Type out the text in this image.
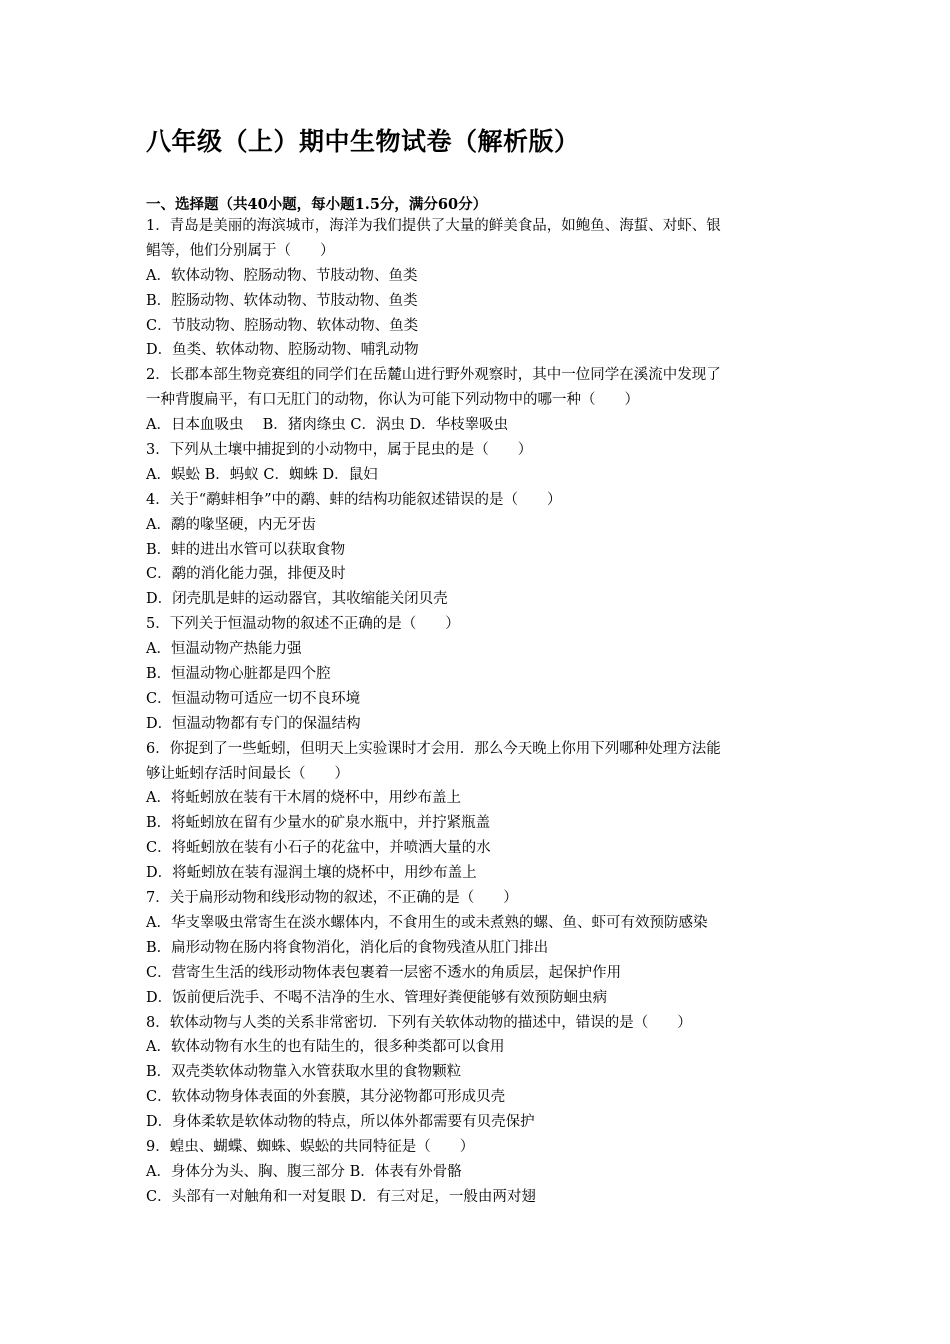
八年级（上）期中生物试卷（解析版）
一、选择题（共40小题，每小题1.5分，满分60分）
1．青岛是美丽的海滨城市，海洋为我们提供了大量的鲜美食品，如鲍鱼、海蜇、对虾、银
鲳等，他们分别属于（　　）
A．软体动物、腔肠动物、节肢动物、鱼类
B．腔肠动物、软体动物、节肢动物、鱼类
C．节肢动物、腔肠动物、软体动物、鱼类
D．鱼类、软体动物、腔肠动物、哺乳动物
2．长郡本部生物竞赛组的同学们在岳麓山进行野外观察时，其中一位同学在溪流中发现了
一种背腹扁平，有口无肛门的动物，你认为可能下列动物中的哪一种（　　）
A．日本血吸虫　 B．猪肉绦虫 C．涡虫 D．华枝睾吸虫
3．下列从土壤中捕捉到的小动物中，属于昆虫的是（　　）
A．蜈蚣 B．蚂蚁 C．蜘蛛 D．鼠妇
4．关于“鹬蚌相争”中的鹬、蚌的结构功能叙述错误的是（　　）
A．鹬的喙坚硬，内无牙齿
B．蚌的进出水管可以获取食物
C．鹬的消化能力强，排便及时
D．闭壳肌是蚌的运动器官，其收缩能关闭贝壳
5．下列关于恒温动物的叙述不正确的是（　　）
A．恒温动物产热能力强
B．恒温动物心脏都是四个腔
C．恒温动物可适应一切不良环境
D．恒温动物都有专门的保温结构
6．你捉到了一些蚯蚓，但明天上实验课时才会用．那么今天晚上你用下列哪种处理方法能
够让蚯蚓存活时间最长（　　）
A．将蚯蚓放在装有干木屑的烧杯中，用纱布盖上
B．将蚯蚓放在留有少量水的矿泉水瓶中，并拧紧瓶盖
C．将蚯蚓放在装有小石子的花盆中，并喷洒大量的水
D．将蚯蚓放在装有湿润土壤的烧杯中，用纱布盖上
7．关于扁形动物和线形动物的叙述，不正确的是（　　）
A．华支睾吸虫常寄生在淡水螺体内，不食用生的或未煮熟的螺、鱼、虾可有效预防感染
B．扁形动物在肠内将食物消化，消化后的食物残渣从肛门排出
C．营寄生生活的线形动物体表包裹着一层密不透水的角质层，起保护作用
D．饭前便后洗手、不喝不洁净的生水、管理好粪便能够有效预防蛔虫病
8．软体动物与人类的关系非常密切．下列有关软体动物的描述中，错误的是（　　）
A．软体动物有水生的也有陆生的，很多种类都可以食用
B．双壳类软体动物靠入水管获取水里的食物颗粒
C．软体动物身体表面的外套膜，其分泌物都可形成贝壳
D．身体柔软是软体动物的特点，所以体外都需要有贝壳保护
9．蝗虫、蝴蝶、蜘蛛、蜈蚣的共同特征是（　　）
A．身体分为头、胸、腹三部分 B．体表有外骨骼
C．头部有一对触角和一对复眼 D．有三对足，一般由两对翅
